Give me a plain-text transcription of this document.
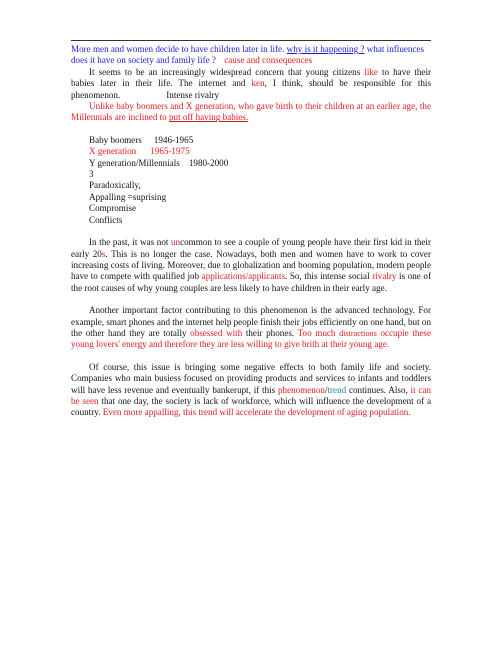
More men and women decide to have children later in life. why is it happening ? what influences does it have on society and family life ? cause and consequences

It seems to be an increasingly widespread concern that young citizens like to have their babies later in their life. The internet and ken, I think, should be responsible for this phenomenon.	Intense rivalry

Unlike baby boomers and X generation, who gave birth to their children at an earlier age, the Millennials are inclined to put off having babies.

Baby boomers 1946-1965
X generation 1965-1975
Y generation/Millennials 1980-2000
3
Paradoxically,
Appalling =suprising
Compromise
Conflicts

In the past, it was not uncommon to see a couple of young people have their first kid in their early 20s. This is no longer the case. Nowadays, both men and women have to work to cover increasing costs of living. Moreover, due to globalization and booming population, modern people have to compete with qualified job applications/applicants. So, this intense social rivalry is one of the root causes of why young couples are less likely to have children in their early age.

Another important factor contributing to this phenomenon is the advanced technology. For example, smart phones and the internet help people finish their jobs efficiently on one hand, but on the other hand they are totally obsessed with their phones. Too much distractions occupie these young lovers' energy and therefore they are less willing to give brith at their young age.

Of course, this issue is bringing some negative effects to both family life and society. Companies who main busiess focused on providing products and services to infants and toddlers will have less revenue and eventually bankerupt, if this phenomenon/trend continues. Also, it can be seen that one day, the society is lack of workforce, which will influence the development of a country. Even more appalling, this trend will accelerate the development of aging population.
